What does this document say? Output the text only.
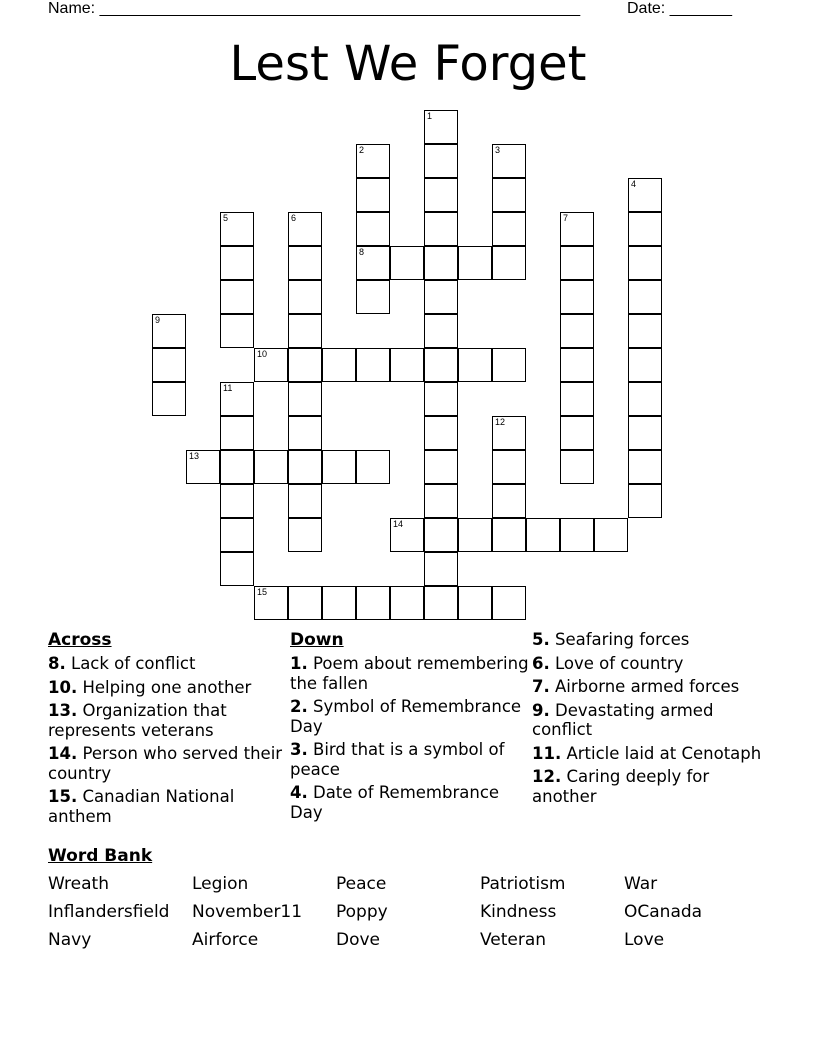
Name: ______________________________________________________	Date: _______
Lest We Forget
1
2	3
4
5	6	7
8
9
10
11
12
13
14
15
Across
8. Lack of conflict
10. Helping one another
13. Organization that represents veterans
14. Person who served their country
15. Canadian National anthem
Down
1. Poem about remembering the fallen
2. Symbol of Remembrance Day
3. Bird that is a symbol of peace
4. Date of Remembrance Day
5. Seafaring forces
6. Love of country
7. Airborne armed forces
9. Devastating armed conflict
11. Article laid at Cenotaph
12. Caring deeply for another
Word Bank
Wreath	Legion	Peace	Patriotism	War
Inflandersfield	November11	Poppy	Kindness	OCanada
Navy	Airforce	Dove	Veteran	Love
